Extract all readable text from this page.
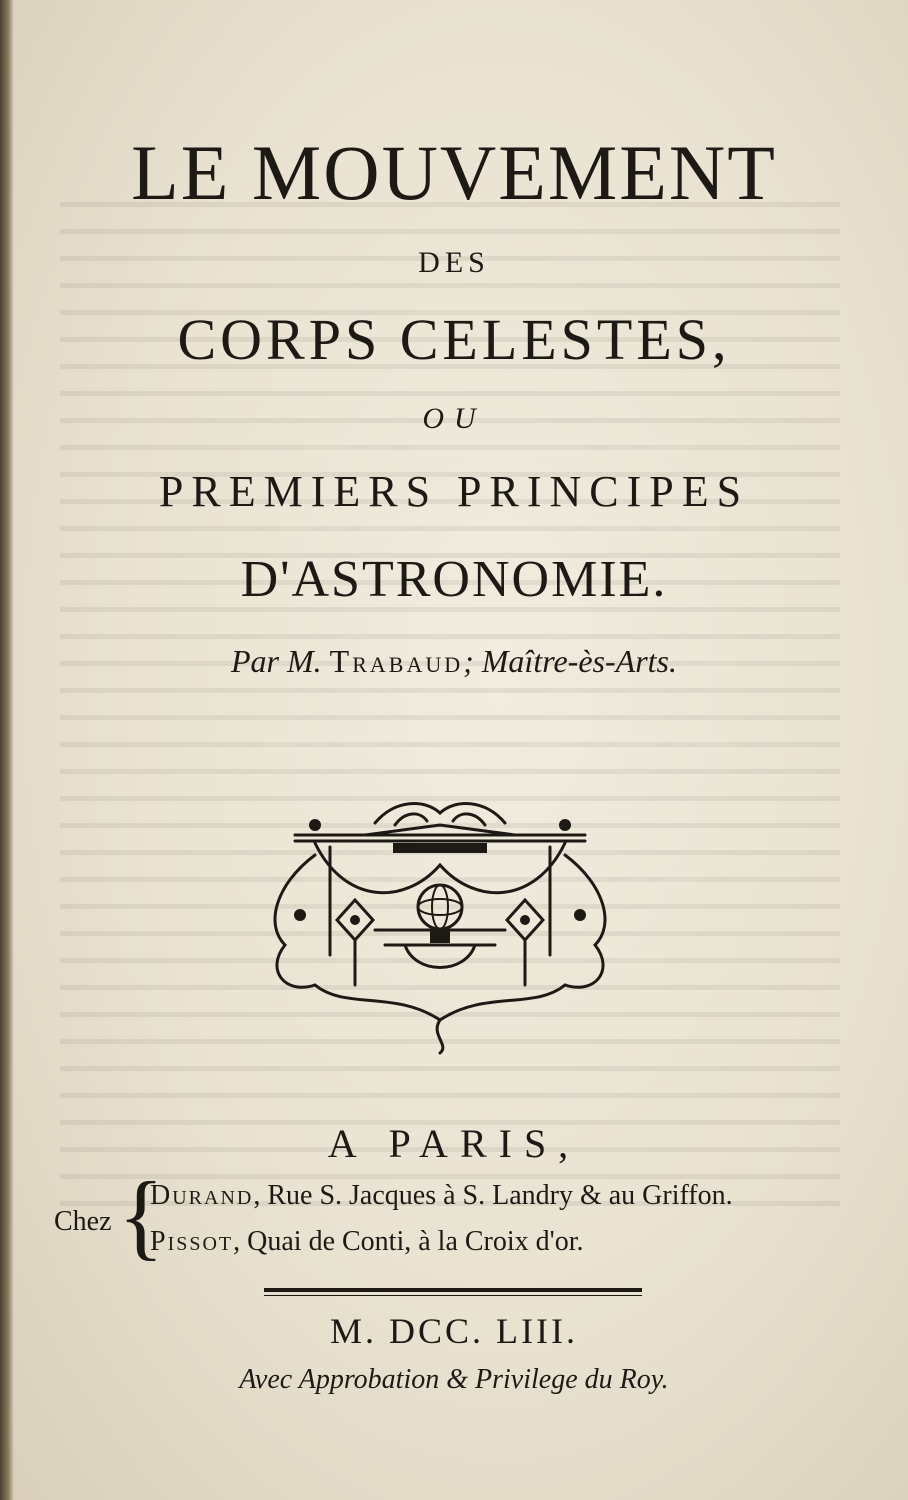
LE MOUVEMENT
DES
CORPS CELESTES,
OU
PREMIERS PRINCIPES
D'ASTRONOMIE.
Par M. Trabaud; Maître-ès-Arts.
A PARIS,
Chez {
Durand, Rue S. Jacques à S. Landry & au Griffon.
Pissot, Quai de Conti, à la Croix d'or.
M. DCC. LIII.
Avec Approbation & Privilege du Roy.
